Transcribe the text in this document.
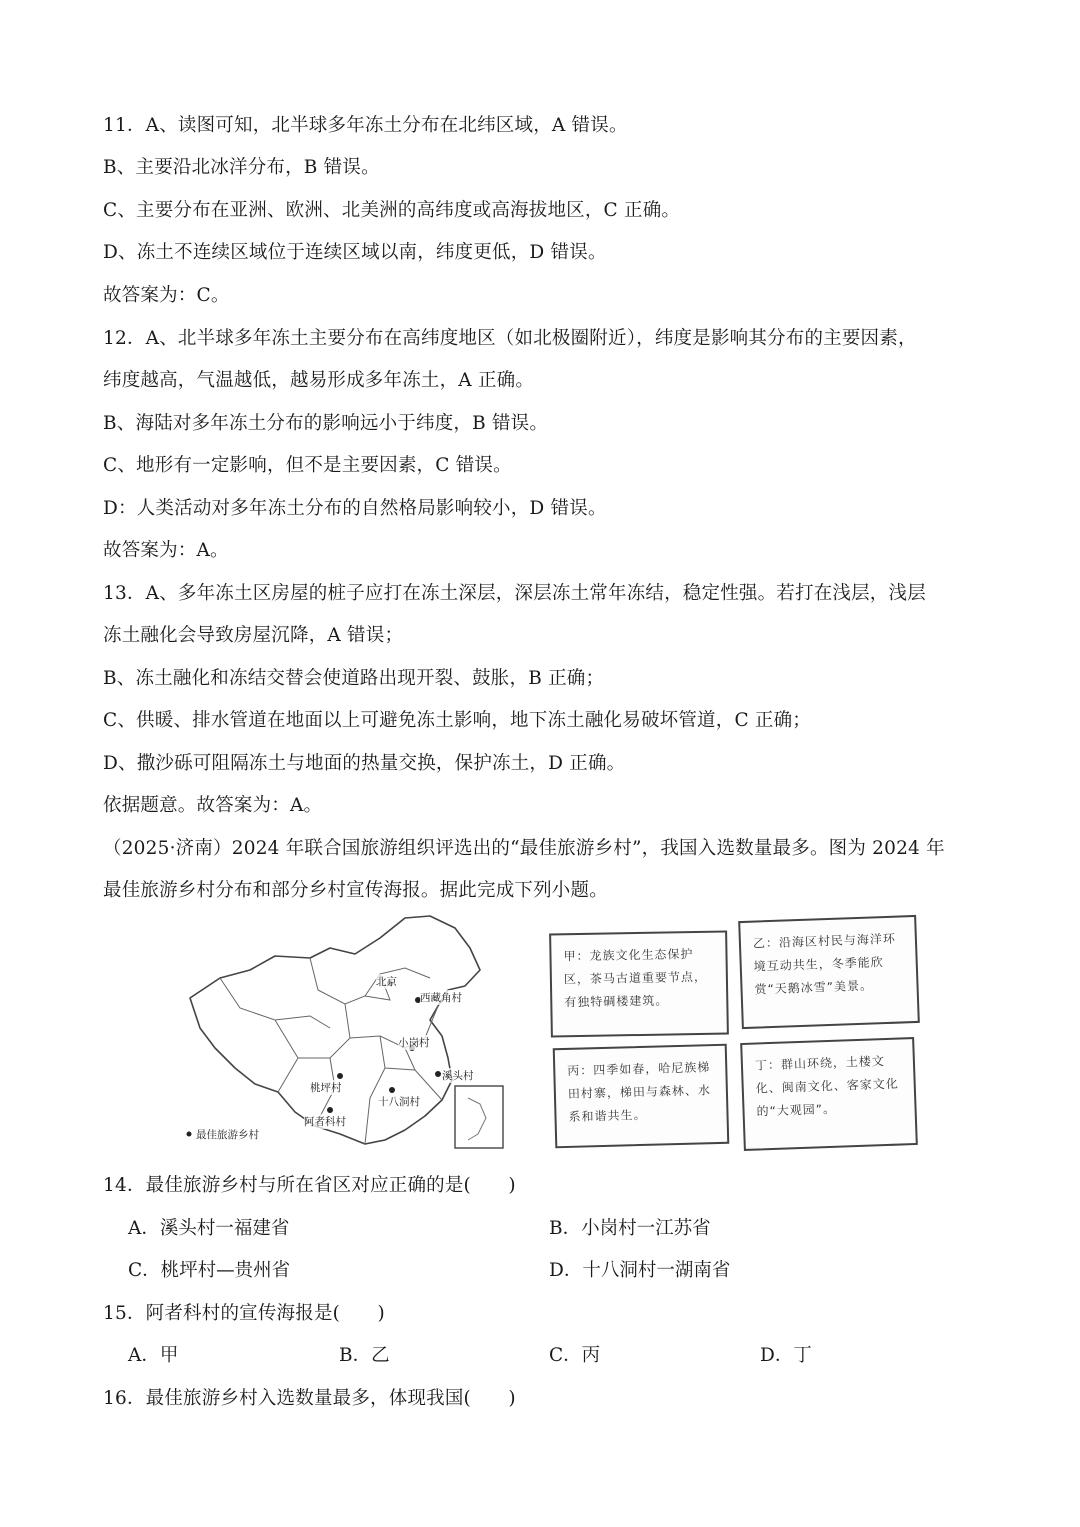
11．A、读图可知，北半球多年冻土分布在北纬区域，A 错误。
B、主要沿北冰洋分布，B 错误。
C、主要分布在亚洲、欧洲、北美洲的高纬度或高海拔地区，C 正确。
D、冻土不连续区域位于连续区域以南，纬度更低，D 错误。
故答案为：C。
12．A、北半球多年冻土主要分布在高纬度地区（如北极圈附近），纬度是影响其分布的主要因素，
纬度越高，气温越低，越易形成多年冻土，A 正确。
B、海陆对多年冻土分布的影响远小于纬度，B 错误。
C、地形有一定影响，但不是主要因素，C 错误。
D：人类活动对多年冻土分布的自然格局影响较小，D 错误。
故答案为：A。
13．A、多年冻土区房屋的桩子应打在冻土深层，深层冻土常年冻结，稳定性强。若打在浅层，浅层
冻土融化会导致房屋沉降，A 错误；
B、冻土融化和冻结交替会使道路出现开裂、鼓胀，B 正确；
C、供暖、排水管道在地面以上可避免冻土影响，地下冻土融化易破坏管道，C 正确；
D、撒沙砾可阻隔冻土与地面的热量交换，保护冻土，D 正确。
依据题意。故答案为：A。
（2025·济南）2024 年联合国旅游组织评选出的“最佳旅游乡村”，我国入选数量最多。图为 2024 年
最佳旅游乡村分布和部分乡村宣传海报。据此完成下列小题。
北京
西藏角村
小岗村
溪头村
桃坪村
十八洞村
阿者科村
最佳旅游乡村
甲：龙族文化生态保护区，茶马古道重要节点，有独特碉楼建筑。
乙：沿海区村民与海洋环境互动共生，冬季能欣赏“天鹅冰雪”美景。
丙：四季如春，哈尼族梯田村寨，梯田与森林、水系和谐共生。
丁：群山环绕，土楼文化、闽南文化、客家文化的“大观园”。
14．最佳旅游乡村与所在省区对应正确的是(　　)
A．溪头村一福建省	B．小岗村一江苏省
C．桃坪村—贵州省	D．十八洞村一湖南省
15．阿者科村的宣传海报是(　　)
A．甲	B．乙	C．丙	D．丁
16．最佳旅游乡村入选数量最多，体现我国(　　)
